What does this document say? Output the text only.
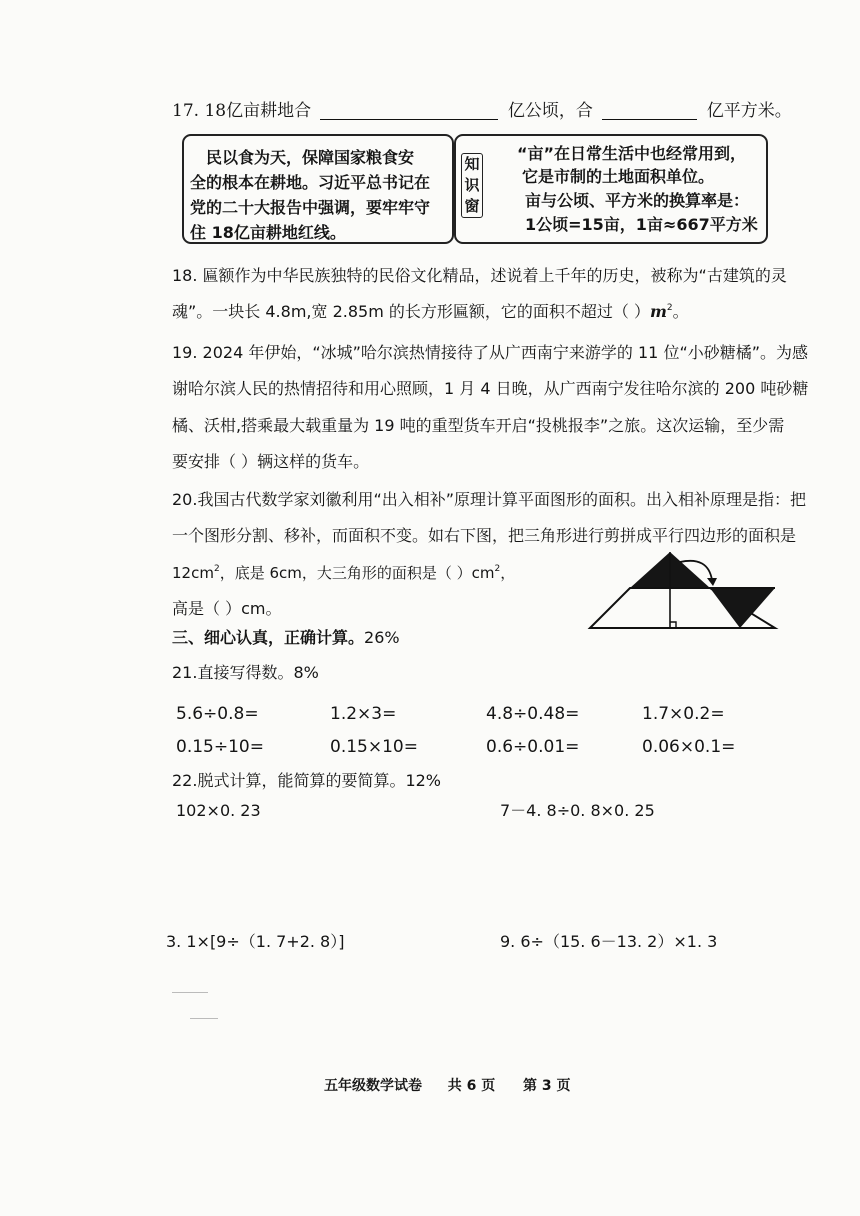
17. 18亿亩耕地合	亿公顷，合	亿平方米。
民以食为天，保障国家粮食安
全的根本在耕地。习近平总书记在
党的二十大报告中强调，要牢牢守
住 18亿亩耕地红线。
知
识
窗
“亩”在日常生活中也经常用到，
它是市制的土地面积单位。
亩与公顷、平方米的换算率是：
1公顷=15亩，1亩≈667平方米
18. 匾额作为中华民族独特的民俗文化精品，述说着上千年的历史，被称为“古建筑的灵
魂”。一块长 4.8m,宽 2.85m 的长方形匾额，它的面积不超过（ ）$m^2$。
19. 2024 年伊始，“冰城”哈尔滨热情接待了从广西南宁来游学的 11 位“小砂糖橘”。为感
谢哈尔滨人民的热情招待和用心照顾，1 月 4 日晚，从广西南宁发往哈尔滨的 200 吨砂糖
橘、沃柑,搭乘最大载重量为 19 吨的重型货车开启“投桃报李”之旅。这次运输，至少需
要安排（ ）辆这样的货车。
20.我国古代数学家刘徽利用“出入相补”原理计算平面图形的面积。出入相补原理是指：把
一个图形分割、移补，而面积不变。如右下图，把三角形进行剪拼成平行四边形的面积是
$12cm^2$，底是 6cm，大三角形的面积是（ ）$cm^2$，
高是（ ）cm。
三、细心认真，正确计算。26%
21.直接写得数。8%
5.6÷0.8=	1.2×3=	4.8÷0.48=	1.7×0.2=
0.15÷10=	0.15×10=	0.6÷0.01=	0.06×0.1=
22.脱式计算，能简算的要简算。12%
102×0. 23	7－4. 8÷0. 8×0. 25
3. 1×[9÷（1. 7+2. 8）]	9. 6÷（15. 6－13. 2）×1. 3
五年级数学试卷 共 6 页 第 3 页
